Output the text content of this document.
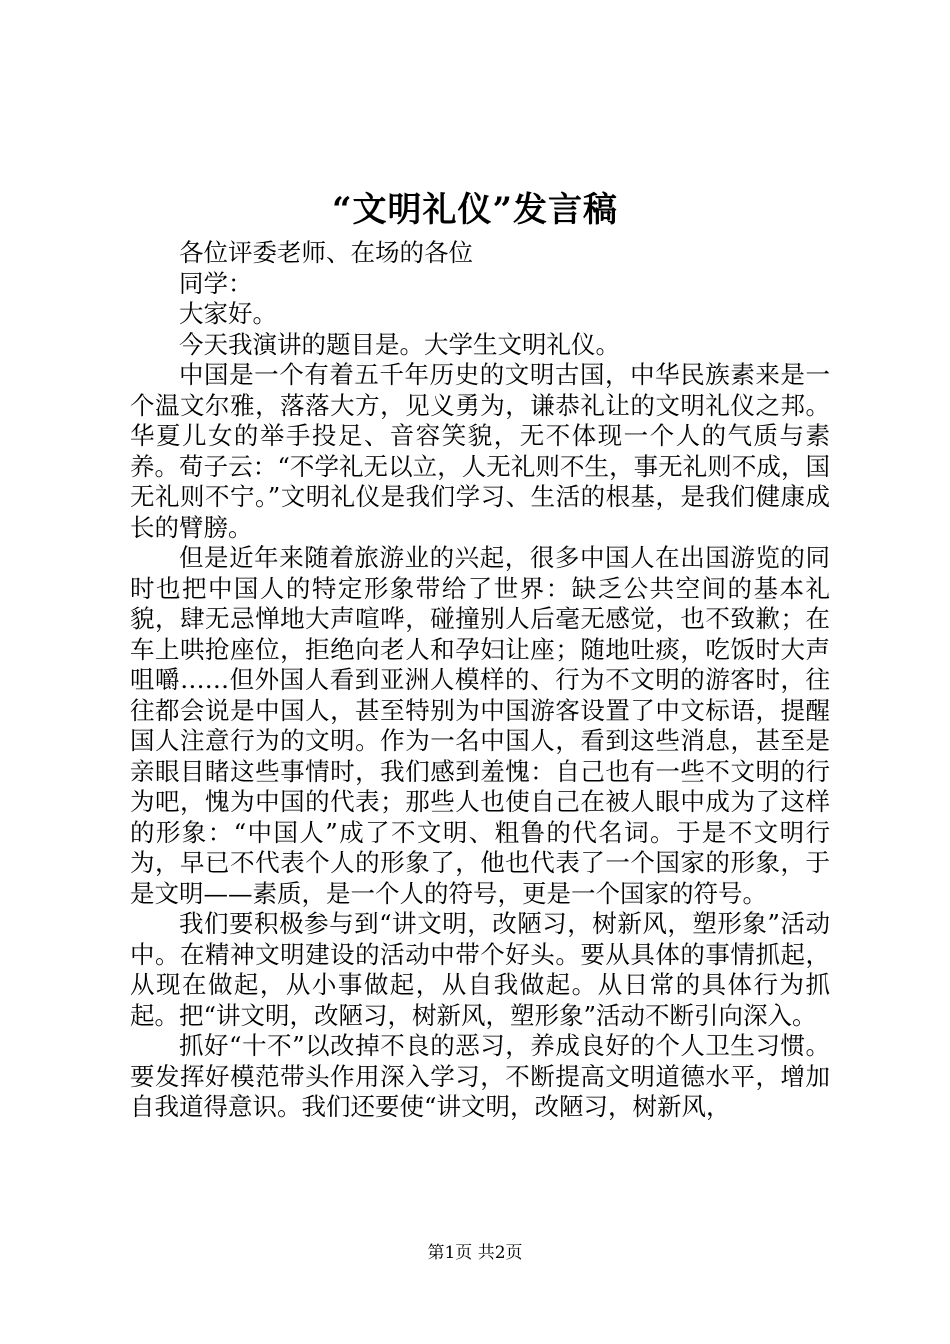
“文明礼仪”发言稿

各位评委老师、在场的各位

同学：

大家好。

今天我演讲的题目是。大学生文明礼仪。

中国是一个有着五千年历史的文明古国，中华民族素来是一个温文尔雅，落落大方，见义勇为，谦恭礼让的文明礼仪之邦。华夏儿女的举手投足、音容笑貌，无不体现一个人的气质与素养。荀子云：“不学礼无以立，人无礼则不生，事无礼则不成，国无礼则不宁。”文明礼仪是我们学习、生活的根基，是我们健康成长的臂膀。

但是近年来随着旅游业的兴起，很多中国人在出国游览的同时也把中国人的特定形象带给了世界：缺乏公共空间的基本礼貌，肆无忌惮地大声喧哗，碰撞别人后毫无感觉，也不致歉；在车上哄抢座位，拒绝向老人和孕妇让座；随地吐痰，吃饭时大声咀嚼……但外国人看到亚洲人模样的、行为不文明的游客时，往往都会说是中国人，甚至特别为中国游客设置了中文标语，提醒国人注意行为的文明。作为一名中国人，看到这些消息，甚至是亲眼目睹这些事情时，我们感到羞愧：自己也有一些不文明的行为吧，愧为中国的代表；那些人也使自己在被人眼中成为了这样的形象：“中国人”成了不文明、粗鲁的代名词。于是不文明行为，早已不代表个人的形象了，他也代表了一个国家的形象，于是文明——素质，是一个人的符号，更是一个国家的符号。

我们要积极参与到“讲文明，改陋习，树新风，塑形象”活动中。在精神文明建设的活动中带个好头。要从具体的事情抓起，从现在做起，从小事做起，从自我做起。从日常的具体行为抓起。把“讲文明，改陋习，树新风，塑形象”活动不断引向深入。

抓好“十不”以改掉不良的恶习，养成良好的个人卫生习惯。要发挥好模范带头作用深入学习，不断提高文明道德水平，增加自我道得意识。我们还要使“讲文明，改陋习，树新风，

第1页 共2页
